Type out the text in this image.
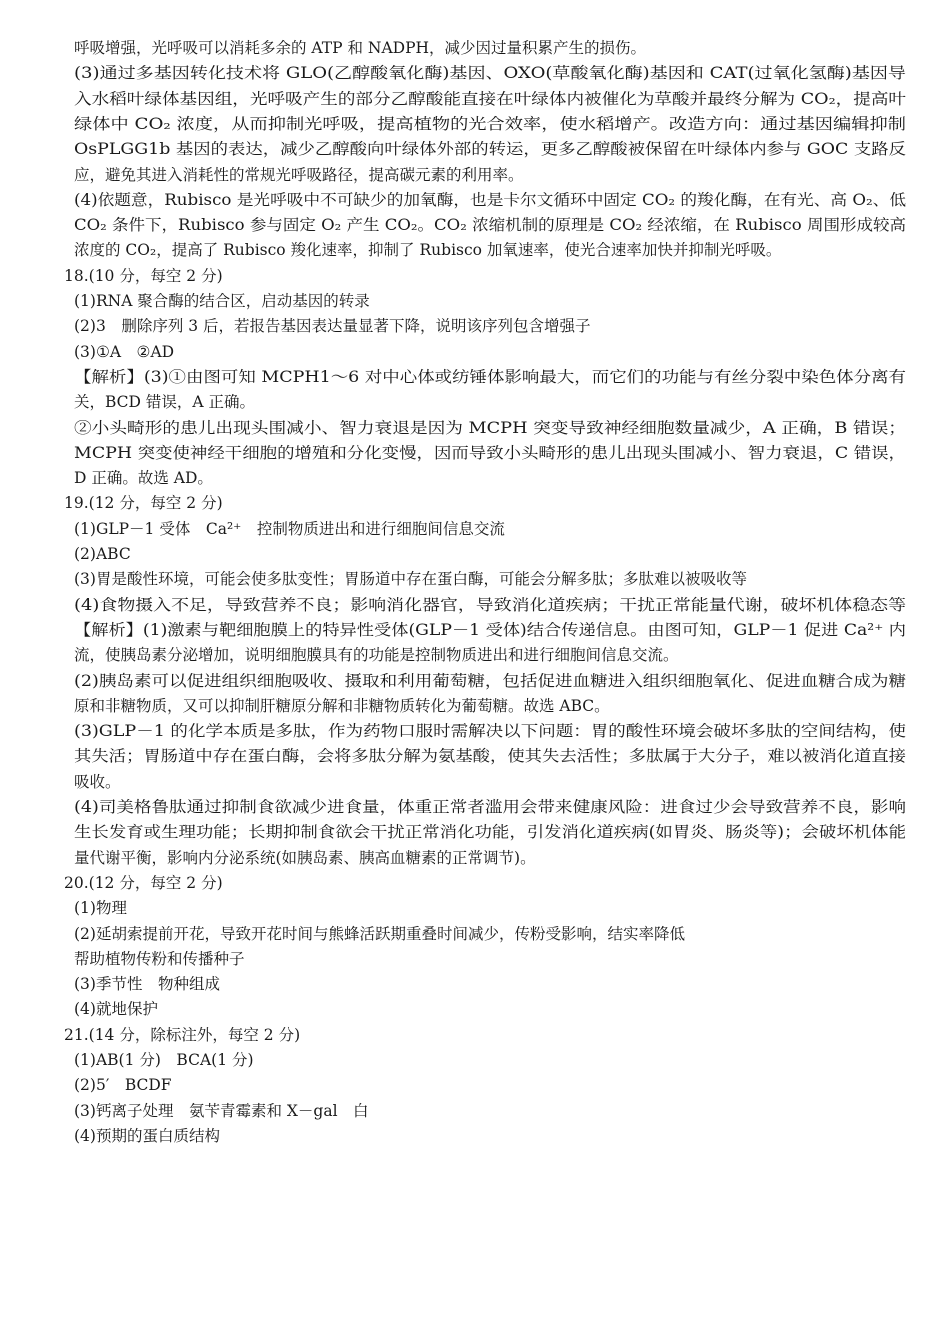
呼吸增强，光呼吸可以消耗多余的 ATP 和 NADPH，减少因过量积累产生的损伤。
(3)通过多基因转化技术将 GLO(乙醇酸氧化酶)基因、OXO(草酸氧化酶)基因和 CAT(过氧化氢酶)基因导
入水稻叶绿体基因组，光呼吸产生的部分乙醇酸能直接在叶绿体内被催化为草酸并最终分解为 CO₂，提高叶
绿体中 CO₂ 浓度，从而抑制光呼吸，提高植物的光合效率，使水稻增产。改造方向：通过基因编辑抑制
OsPLGG1b 基因的表达，减少乙醇酸向叶绿体外部的转运，更多乙醇酸被保留在叶绿体内参与 GOC 支路反
应，避免其进入消耗性的常规光呼吸路径，提高碳元素的利用率。
(4)依题意，Rubisco 是光呼吸中不可缺少的加氧酶，也是卡尔文循环中固定 CO₂ 的羧化酶，在有光、高 O₂、低
CO₂ 条件下，Rubisco 参与固定 O₂ 产生 CO₂。CO₂ 浓缩机制的原理是 CO₂ 经浓缩，在 Rubisco 周围形成较高
浓度的 CO₂，提高了 Rubisco 羧化速率，抑制了 Rubisco 加氧速率，使光合速率加快并抑制光呼吸。
18.(10 分，每空 2 分)
(1)RNA 聚合酶的结合区，启动基因的转录
(2)3　删除序列 3 后，若报告基因表达量显著下降，说明该序列包含增强子
(3)①A　②AD
【解析】(3)①由图可知 MCPH1～6 对中心体或纺锤体影响最大，而它们的功能与有丝分裂中染色体分离有
关，BCD 错误，A 正确。
②小头畸形的患儿出现头围减小、智力衰退是因为 MCPH 突变导致神经细胞数量减少，A 正确，B 错误；
MCPH 突变使神经干细胞的增殖和分化变慢，因而导致小头畸形的患儿出现头围减小、智力衰退，C 错误，
D 正确。故选 AD。
19.(12 分，每空 2 分)
(1)GLP－1 受体　Ca²⁺　控制物质进出和进行细胞间信息交流
(2)ABC
(3)胃是酸性环境，可能会使多肽变性；胃肠道中存在蛋白酶，可能会分解多肽；多肽难以被吸收等
(4)食物摄入不足，导致营养不良；影响消化器官，导致消化道疾病；干扰正常能量代谢，破坏机体稳态等
【解析】(1)激素与靶细胞膜上的特异性受体(GLP－1 受体)结合传递信息。由图可知，GLP－1 促进 Ca²⁺ 内
流，使胰岛素分泌增加，说明细胞膜具有的功能是控制物质进出和进行细胞间信息交流。
(2)胰岛素可以促进组织细胞吸收、摄取和利用葡萄糖，包括促进血糖进入组织细胞氧化、促进血糖合成为糖
原和非糖物质，又可以抑制肝糖原分解和非糖物质转化为葡萄糖。故选 ABC。
(3)GLP－1 的化学本质是多肽，作为药物口服时需解决以下问题：胃的酸性环境会破坏多肽的空间结构，使
其失活；胃肠道中存在蛋白酶，会将多肽分解为氨基酸，使其失去活性；多肽属于大分子，难以被消化道直接
吸收。
(4)司美格鲁肽通过抑制食欲减少进食量，体重正常者滥用会带来健康风险：进食过少会导致营养不良，影响
生长发育或生理功能；长期抑制食欲会干扰正常消化功能，引发消化道疾病(如胃炎、肠炎等)；会破坏机体能
量代谢平衡，影响内分泌系统(如胰岛素、胰高血糖素的正常调节)。
20.(12 分，每空 2 分)
(1)物理
(2)延胡索提前开花，导致开花时间与熊蜂活跃期重叠时间减少，传粉受影响，结实率降低
帮助植物传粉和传播种子
(3)季节性　物种组成
(4)就地保护
21.(14 分，除标注外，每空 2 分)
(1)AB(1 分)　BCA(1 分)
(2)5′　BCDF
(3)钙离子处理　氨苄青霉素和 X－gal　白
(4)预期的蛋白质结构
